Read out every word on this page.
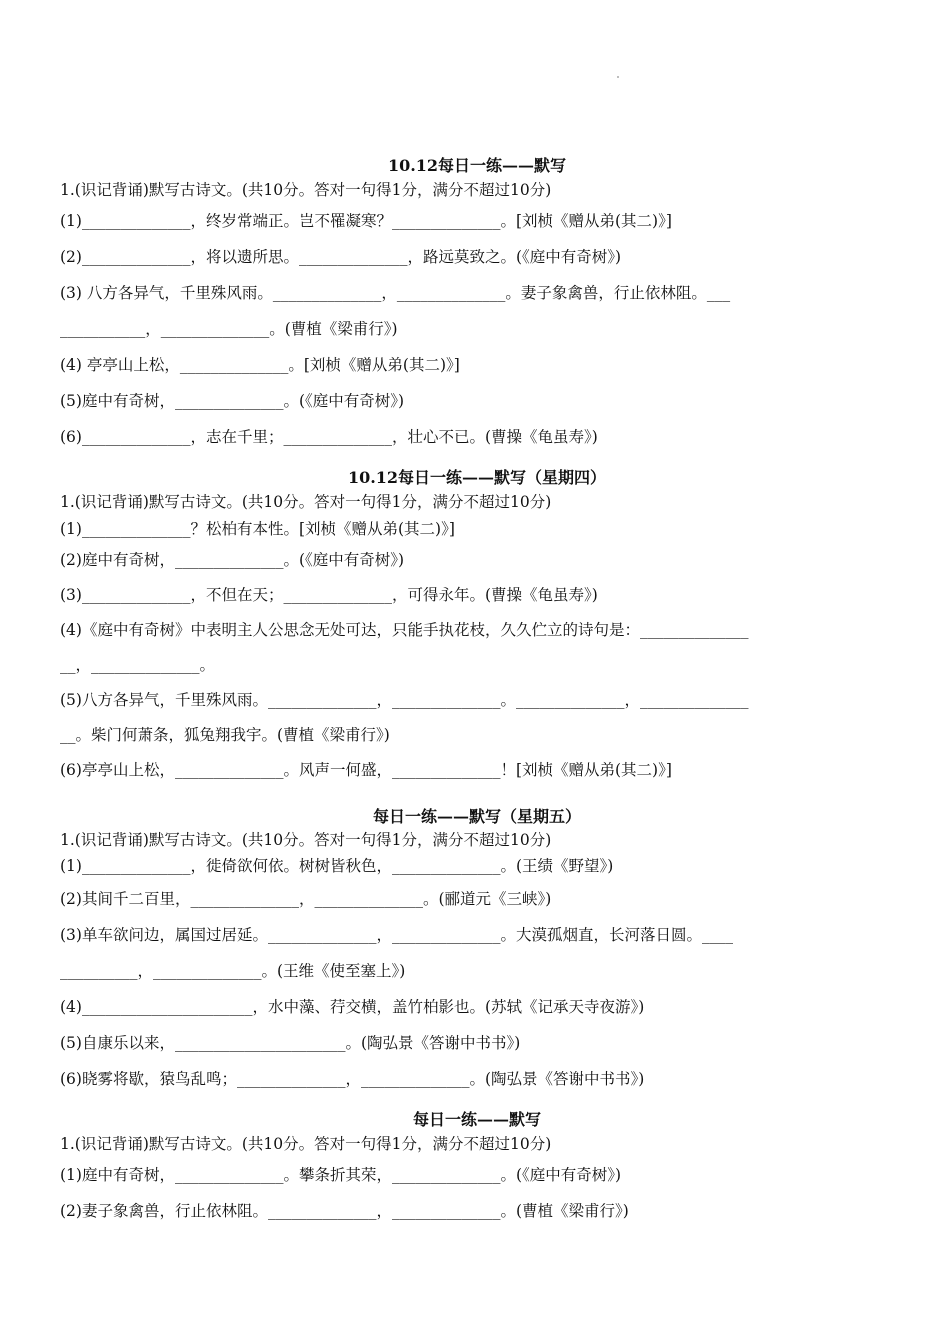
10.12每日一练——默写
1.(识记背诵)默写古诗文。(共10分。答对一句得1分，满分不超过10分)
(1)______________，终岁常端正。岂不罹凝寒？______________。[刘桢《赠从弟(其二)》]
(2)______________，将以遗所思。______________，路远莫致之。(《庭中有奇树》)
(3) 八方各异气，千里殊风雨。______________，______________。妻子象禽兽，行止依林阻。___
___________，______________。(曹植《梁甫行》)
(4) 亭亭山上松，______________。[刘桢《赠从弟(其二)》]
(5)庭中有奇树，______________。(《庭中有奇树》)
(6)______________，志在千里；______________，壮心不已。(曹操《龟虽寿》)
10.12每日一练——默写（星期四）
1.(识记背诵)默写古诗文。(共10分。答对一句得1分，满分不超过10分)
(1)______________？松柏有本性。[刘桢《赠从弟(其二)》]
(2)庭中有奇树，______________。(《庭中有奇树》)
(3)______________，不但在天；______________，可得永年。(曹操《龟虽寿》)
(4)《庭中有奇树》中表明主人公思念无处可达，只能手执花枝，久久伫立的诗句是：______________
__，______________。
(5)八方各异气，千里殊风雨。______________，______________。______________，______________
__。柴门何萧条，狐兔翔我宇。(曹植《梁甫行》)
(6)亭亭山上松，______________。风声一何盛，______________！[刘桢《赠从弟(其二)》]
每日一练——默写（星期五）
1.(识记背诵)默写古诗文。(共10分。答对一句得1分，满分不超过10分)
(1)______________，徙倚欲何依。树树皆秋色，______________。(王绩《野望》)
(2)其间千二百里，______________，______________。(郦道元《三峡》)
(3)单车欲问边，属国过居延。______________，______________。大漠孤烟直，长河落日圆。____
__________，______________。(王维《使至塞上》)
(4)______________________，水中藻、荇交横，盖竹柏影也。(苏轼《记承天寺夜游》)
(5)自康乐以来，______________________。(陶弘景《答谢中书书》)
(6)晓雾将歇，猿鸟乱鸣；______________，______________。(陶弘景《答谢中书书》)
每日一练——默写
1.(识记背诵)默写古诗文。(共10分。答对一句得1分，满分不超过10分)
(1)庭中有奇树，______________。攀条折其荣，______________。(《庭中有奇树》)
(2)妻子象禽兽，行止依林阻。______________，______________。(曹植《梁甫行》)
